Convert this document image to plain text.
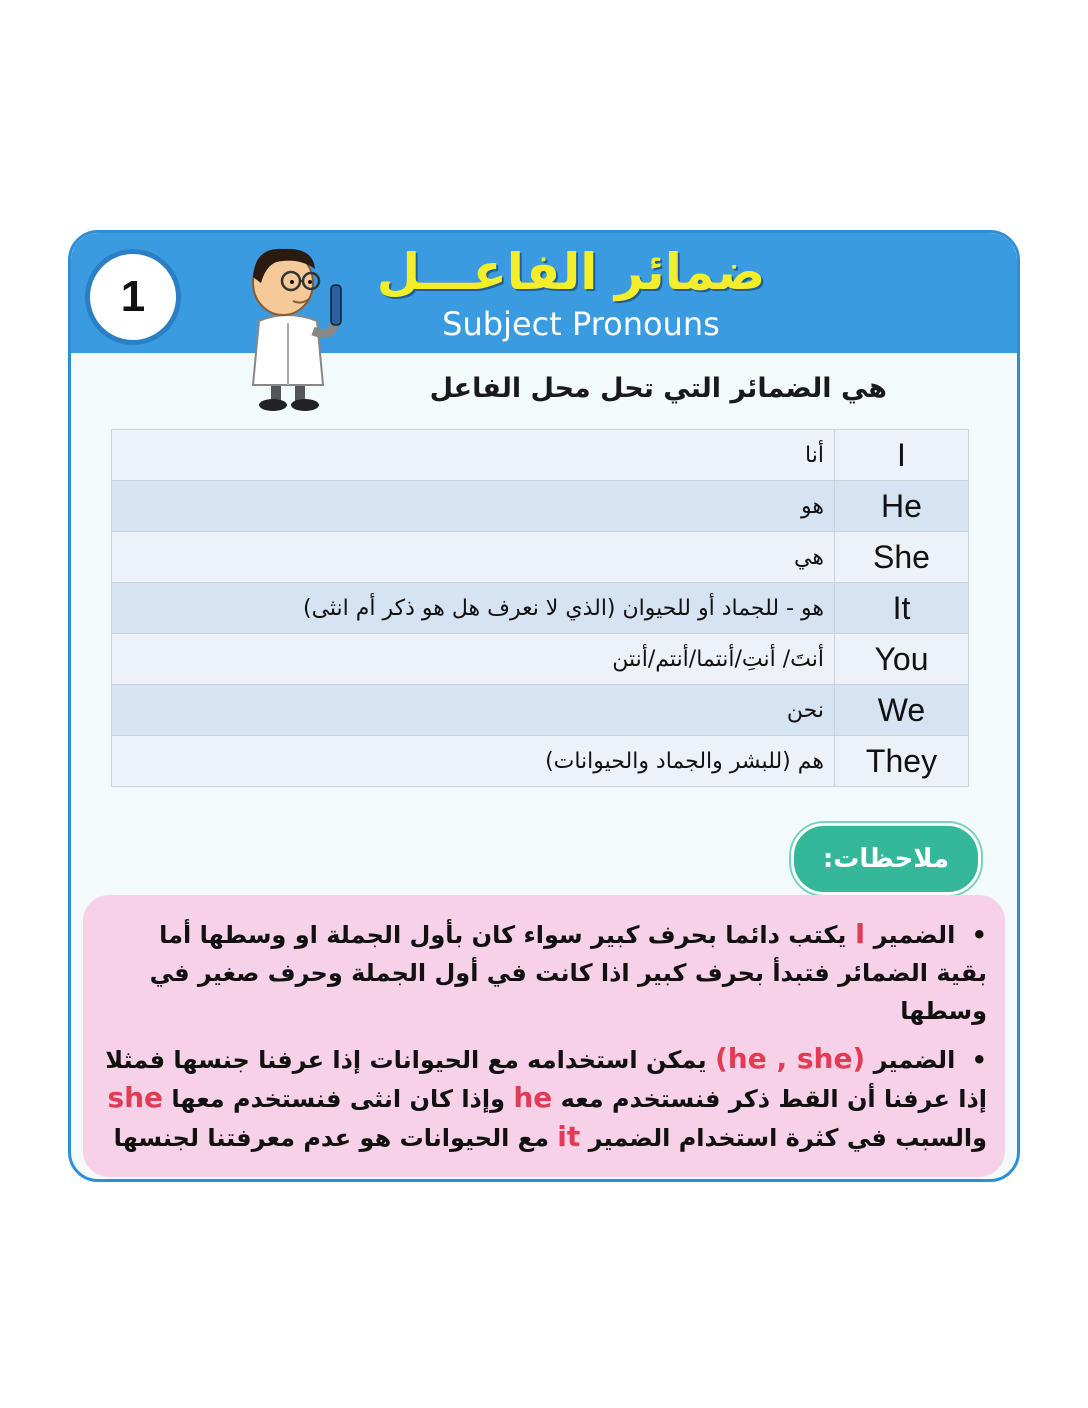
1	ضمائر الفاعـــل
Subject Pronouns
هي الضمائر التي تحل محل الفاعل
أنا	I
هو	He
هي	She
هو - للجماد أو للحيوان (الذي لا نعرف هل هو ذكر أم انثى)	It
أنتَ/ أنتِ/أنتما/أنتم/أنتن	You
نحن	We
هم (للبشر والجماد والحيوانات)	They
ملاحظات:
• الضمير I يكتب دائما بحرف كبير سواء كان بأول الجملة او وسطها أما بقية الضمائر فتبدأ بحرف كبير اذا كانت في أول الجملة وحرف صغير في وسطها
• الضمير (he , she) يمكن استخدامه مع الحيوانات إذا عرفنا جنسها فمثلا إذا عرفنا أن القط ذكر فنستخدم معه he وإذا كان انثى فنستخدم معها she والسبب في كثرة استخدام الضمير it مع الحيوانات هو عدم معرفتنا لجنسها
